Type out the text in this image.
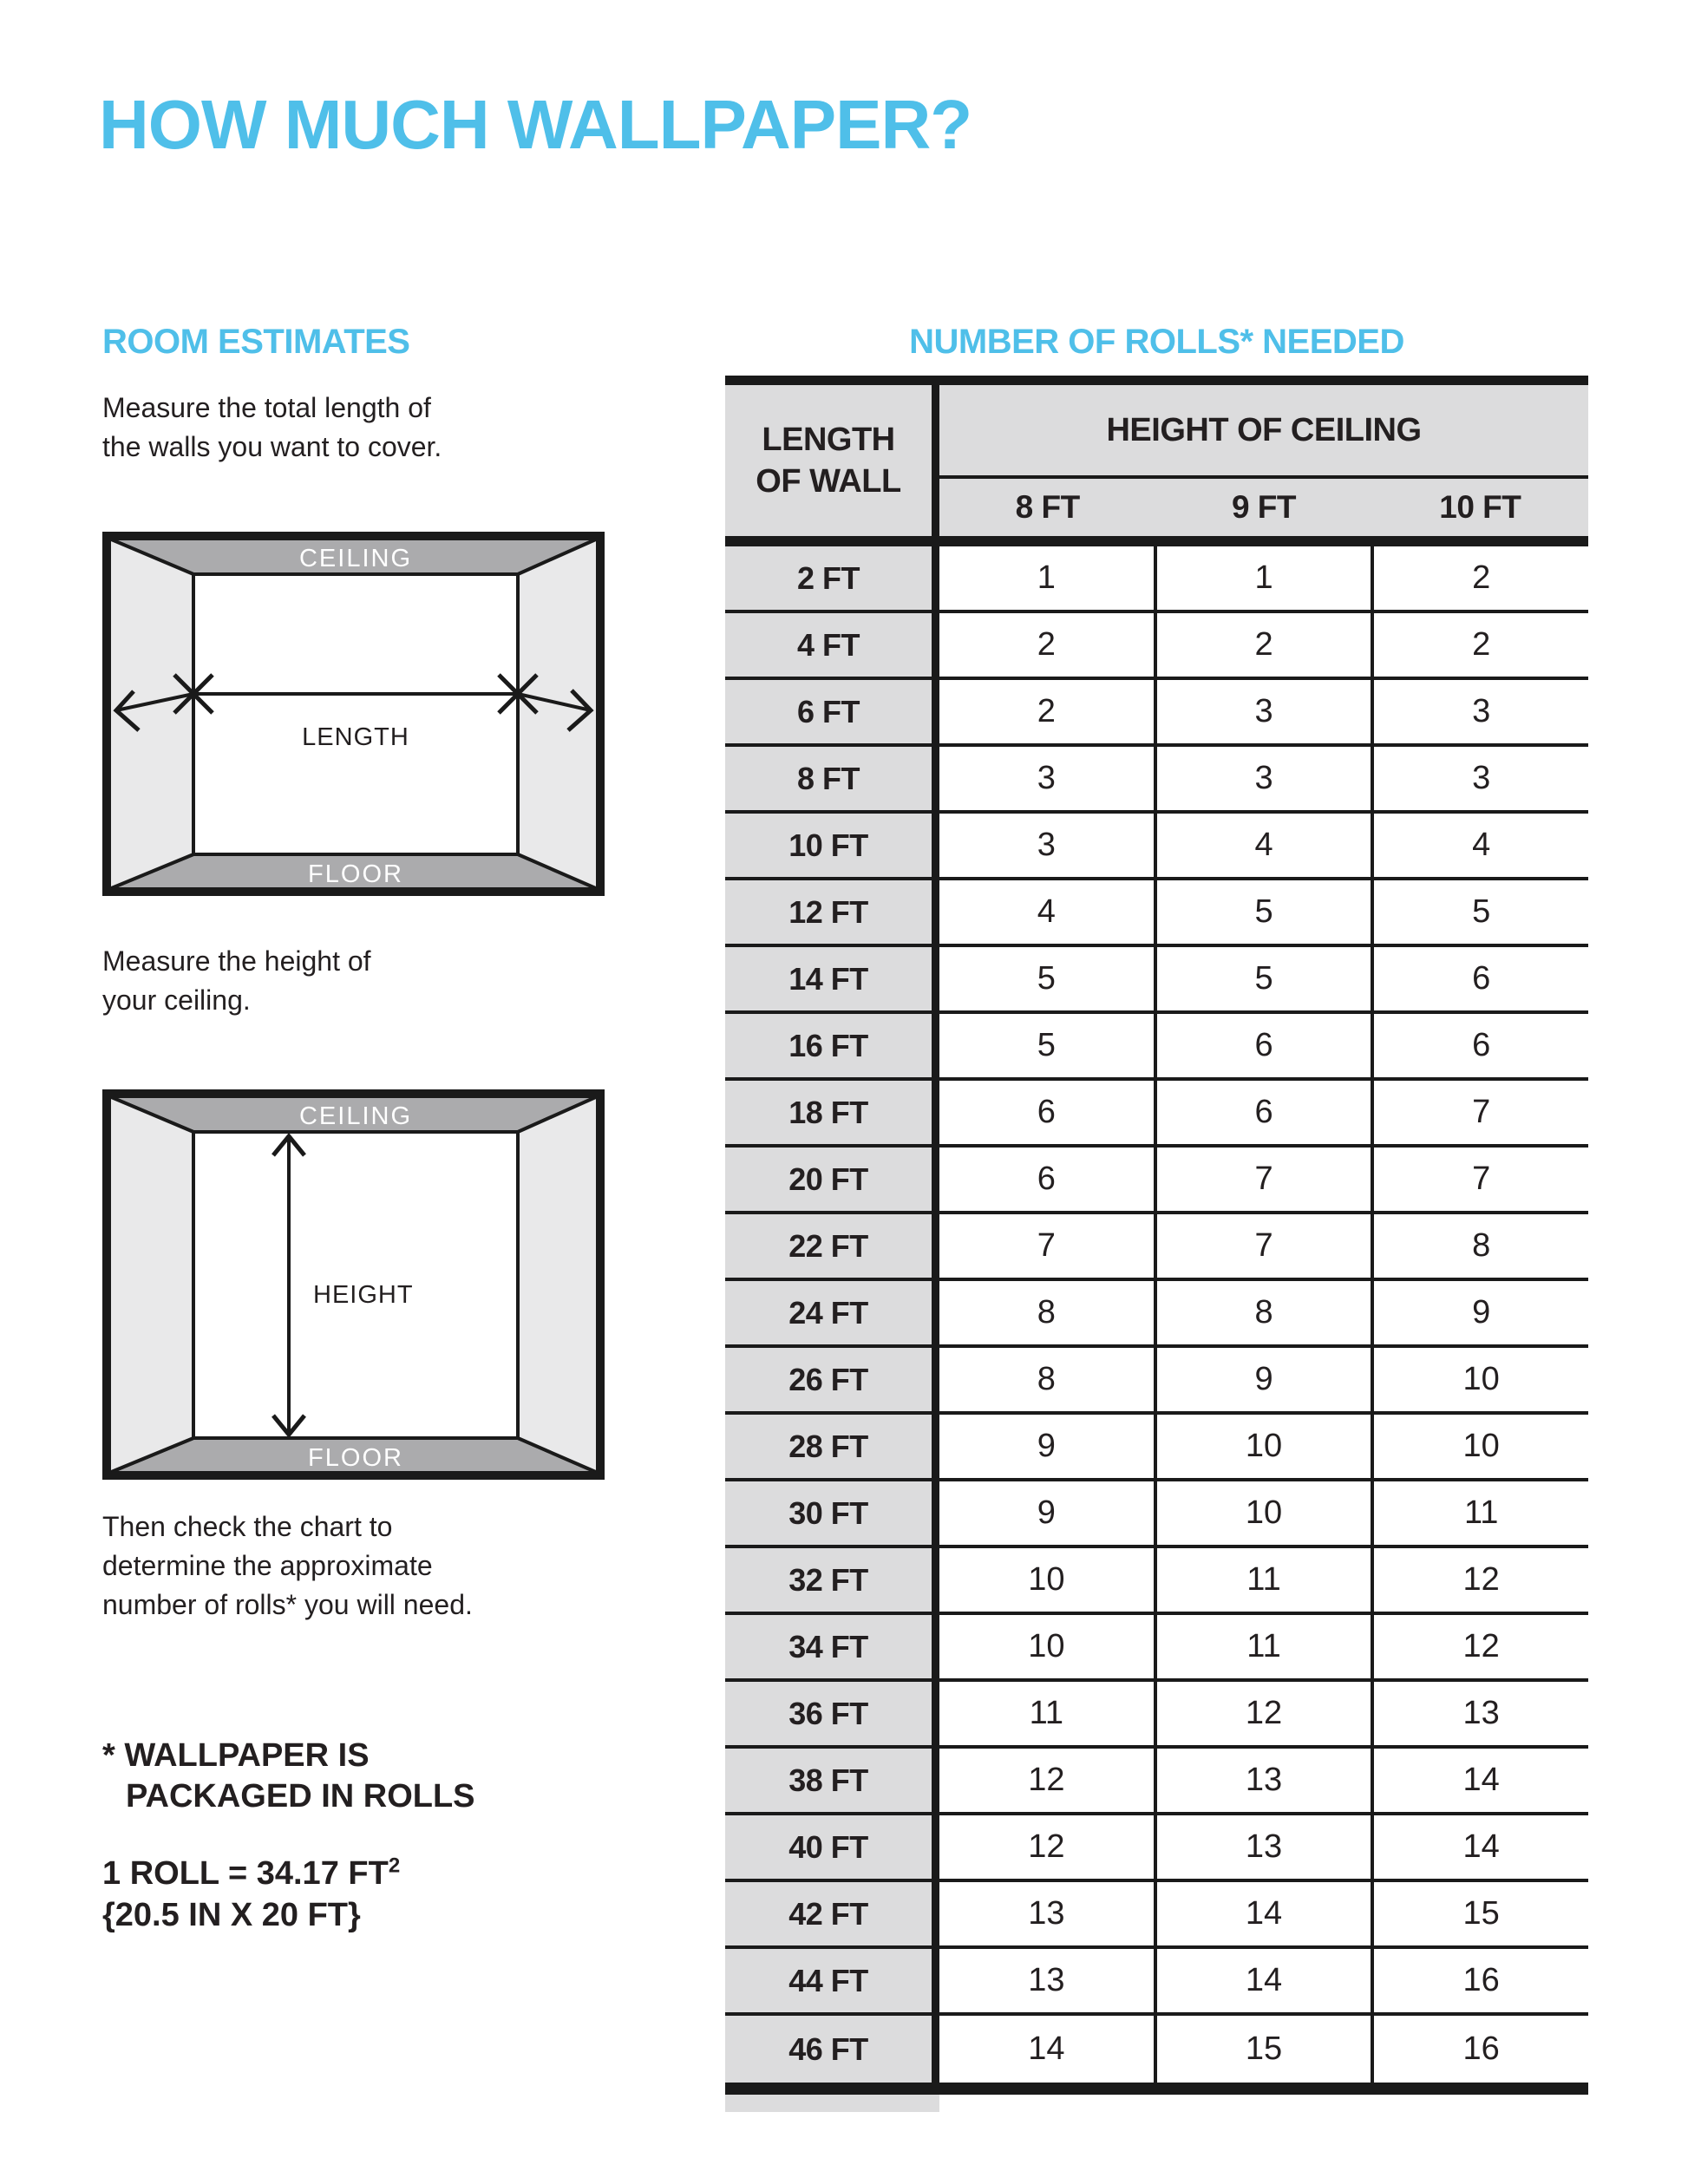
HOW MUCH WALLPAPER?
ROOM ESTIMATES	NUMBER OF ROLLS* NEEDED
Measure the total length of
the walls you want to cover.
CEILING
FLOOR
LENGTH
Measure the height of
your ceiling.
CEILING
FLOOR
HEIGHT
Then check the chart to
determine the approximate
number of rolls* you will need.
* WALLPAPER IS
PACKAGED IN ROLLS
1 ROLL = 34.17 $FT^2$
{20.5 IN X 20 FT}
LENGTH
OF WALL
HEIGHT OF CEILING
8 FT	9 FT	10 FT
2 FT	1	1	2
4 FT	2	2	2
6 FT	2	3	3
8 FT	3	3	3
10 FT	3	4	4
12 FT	4	5	5
14 FT	5	5	6
16 FT	5	6	6
18 FT	6	6	7
20 FT	6	7	7
22 FT	7	7	8
24 FT	8	8	9
26 FT	8	9	10
28 FT	9	10	10
30 FT	9	10	11
32 FT	10	11	12
34 FT	10	11	12
36 FT	11	12	13
38 FT	12	13	14
40 FT	12	13	14
42 FT	13	14	15
44 FT	13	14	16
46 FT	14	15	16
